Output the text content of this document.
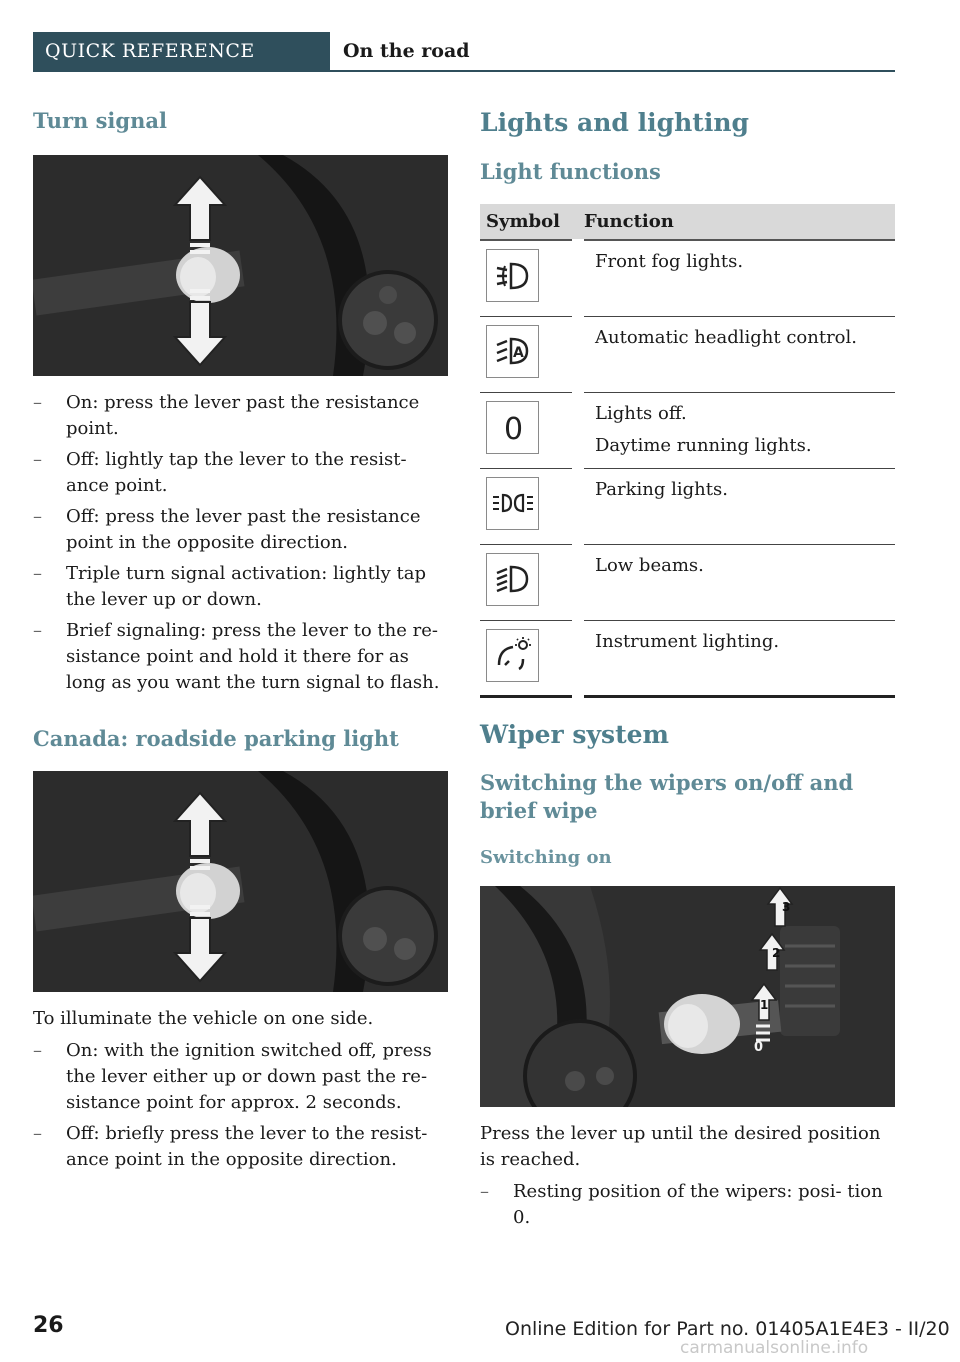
QUICK REFERENCE	On the road
Turn signal
– On: press the lever past the resistance point.
– Off: lightly tap the lever to the resist‐ ance point.
– Off: press the lever past the resistance point in the opposite direction.
– Triple turn signal activation: lightly tap the lever up or down.
– Brief signaling: press the lever to the re‐ sistance point and hold it there for as long as you want the turn signal to flash.
Canada: roadside parking light

To illuminate the vehicle on one side.

– On: with the ignition switched off, press the lever either up or down past the re‐ sistance point for approx. 2 seconds.
– Off: briefly press the lever to the resist‐ ance point in the opposite direction.
Lights and lighting
Light functions
Symbol	Function

	Front fog lights.

A	Automatic headlight control.

0	Lights off.
Daytime running lights.

	Parking lights.

	Low beams.

	Instrument lighting.
Wiper system
Switching the wipers on/off and brief wipe
Switching on
3
2
1
0

Press the lever up until the desired position is reached.

– Resting position of the wipers: posi‐ tion 0.
26	Online Edition for Part no. 01405A1E4E3 - II/20
carmanualsonline.info
